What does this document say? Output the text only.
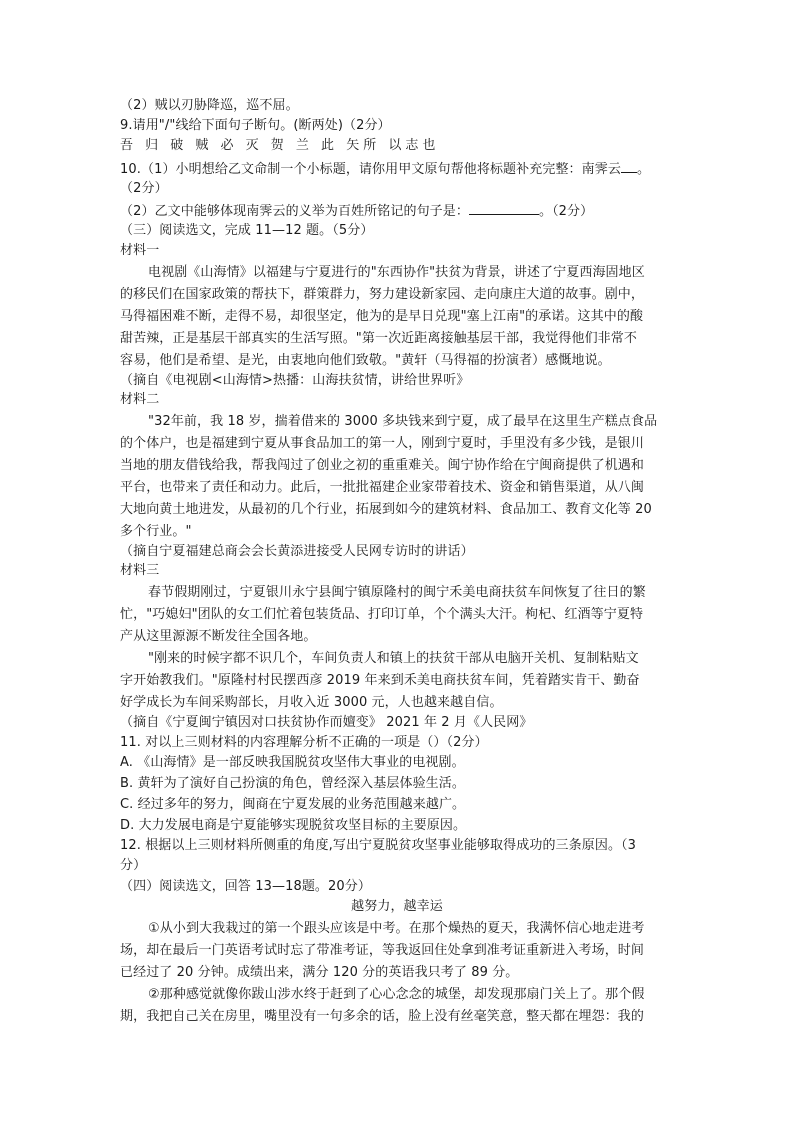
（2）贼以刃胁降巡，巡不屈。
9.请用"/"线给下面句子断句。(断两处)（2分）
吾 归 破 贼 必 灭 贺 兰 此 矢所 以志也
10.（1）小明想给乙文命制一个小标题，请你用甲文原句帮他将标题补充完整：南霁云 。
（2分）
（2）乙文中能够体现南霁云的义举为百姓所铭记的句子是：	。（2分）
（三）阅读选文，完成 11—12 题。（5分）
材料一
电视剧《山海情》以福建与宁夏进行的"东西协作"扶贫为背景，讲述了宁夏西海固地区
的移民们在国家政策的帮扶下，群策群力，努力建设新家园、走向康庄大道的故事。剧中，
马得福困难不断，走得不易，却很坚定，他为的是早日兑现"塞上江南"的承诺。这其中的酸
甜苦辣，正是基层干部真实的生活写照。"第一次近距离接触基层干部，我觉得他们非常不
容易，他们是希望、是光，由衷地向他们致敬。"黄轩（马得福的扮演者）感慨地说。
（摘自《电视剧<山海情>热播：山海扶贫情，讲给世界听》
材料二
"32年前，我 18 岁，揣着借来的 3000 多块钱来到宁夏，成了最早在这里生产糕点食品
的个体户，也是福建到宁夏从事食品加工的第一人，刚到宁夏时，手里没有多少钱，是银川
当地的朋友借钱给我，帮我闯过了创业之初的重重难关。闽宁协作给在宁闽商提供了机遇和
平台，也带来了责任和动力。此后，一批批福建企业家带着技术、资金和销售渠道，从八闽
大地向黄土地进发，从最初的几个行业，拓展到如今的建筑材料、食品加工、教育文化等 20
多个行业。"
（摘自宁夏福建总商会会长黄添进接受人民网专访时的讲话）
材料三
春节假期刚过，宁夏银川永宁县闽宁镇原隆村的闽宁禾美电商扶贫车间恢复了往日的繁
忙，"巧媳妇"团队的女工们忙着包装货品、打印订单，个个满头大汗。枸杞、红酒等宁夏特
产从这里源源不断发往全国各地。
"刚来的时候字都不识几个，车间负责人和镇上的扶贫干部从电脑开关机、复制粘贴文
字开始教我们。"原隆村村民摆西彦 2019 年来到禾美电商扶贫车间，凭着踏实肯干、勤奋
好学成长为车间采购部长，月收入近 3000 元，人也越来越自信。
（摘自《宁夏闽宁镇因对口扶贫协作而嬗变》 2021 年 2 月《人民网》
11. 对以上三则材料的内容理解分析不正确的一项是（）（2分）
A. 《山海情》是一部反映我国脱贫攻坚伟大事业的电视剧。
B. 黄轩为了演好自己扮演的角色，曾经深入基层体验生活。
C. 经过多年的努力，闽商在宁夏发展的业务范围越来越广。
D. 大力发展电商是宁夏能够实现脱贫攻坚目标的主要原因。
12. 根据以上三则材料所侧重的角度,写出宁夏脱贫攻坚事业能够取得成功的三条原因。（3
分）
（四）阅读选文，回答 13—18题。20分）
越努力，越幸运
①从小到大我栽过的第一个跟头应该是中考。在那个燥热的夏天，我满怀信心地走进考
场，却在最后一门英语考试时忘了带准考证，等我返回住处拿到准考证重新进入考场，时间
已经过了 20 分钟。成绩出来，满分 120 分的英语我只考了 89 分。
②那种感觉就像你跋山涉水终于赶到了心心念念的城堡，却发现那扇门关上了。那个假
期，我把自己关在房里，嘴里没有一句多余的话，脸上没有丝毫笑意，整天都在埋怨：我的
